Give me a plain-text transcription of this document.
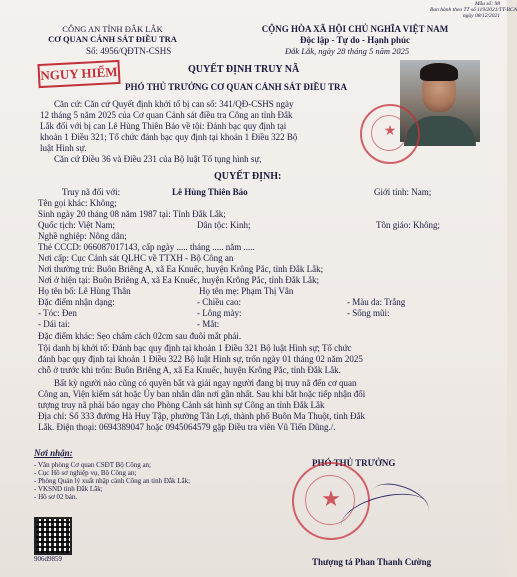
Mẫu số: 98
Ban hành theo TT số 119/2021/TT-BCA
ngày 08/12/2021
CÔNG AN TỈNH ĐẮK LẮK
CƠ QUAN CẢNH SÁT ĐIỀU TRA
Số: 4956/QĐTN-CSHS
CỘNG HÒA XÃ HỘI CHỦ NGHĨA VIỆT NAM
Độc lập - Tự do - Hạnh phúc
Đắk Lắk, ngày 28 tháng 5 năm 2025
NGUY HIỂM	QUYẾT ĐỊNH TRUY NÃ
PHÓ THỦ TRƯỞNG CƠ QUAN CẢNH SÁT ĐIỀU TRA
★
Căn cứ: Căn cứ Quyết định khởi tố bị can số: 341/QĐ-CSHS ngày
12 tháng 5 năm 2025 của Cơ quan Cảnh sát điều tra Công an tỉnh Đắk
Lắk đối với bị can Lê Hùng Thiên Bảo về tội: Đánh bạc quy định tại
khoản 1 Điều 321; Tổ chức đánh bạc quy định tại khoản 1 Điều 322 Bộ
luật Hình sự.
Căn cứ Điều 36 và Điều 231 của Bộ luật Tố tụng hình sự,
QUYẾT ĐỊNH:
Truy nã đối với:	Lê Hùng Thiên Bảo	Giới tính: Nam;
Tên gọi khác: Không;
Sinh ngày 20 tháng 08 năm 1987 tại: Tỉnh Đắk Lắk;
Quốc tịch: Việt Nam;	Dân tộc: Kinh;	Tôn giáo: Không;
Nghề nghiệp: Nông dân;
Thẻ CCCD: 066087017143, cấp ngày ..... tháng ..... năm .....
Nơi cấp: Cục Cảnh sát QLHC về TTXH - Bộ Công an
Nơi thường trú: Buôn Briêng A, xã Ea Knuếc, huyện Krông Pắc, tỉnh Đắk Lắk;
Nơi ở hiện tại: Buôn Briêng A, xã Ea Knuếc, huyện Krông Pắc, tỉnh Đắk Lắk;
Họ tên bố: Lê Hùng Thân	Họ tên mẹ: Phạm Thị Vân
Đặc điểm nhận dạng:	- Chiều cao:	- Màu da: Trắng
- Tóc: Đen	- Lông mày:	- Sống mũi:
- Dái tai:	- Mắt:
Đặc điểm khác: Sẹo chấm cách 02cm sau đuôi mắt phải.
Tội danh bị khởi tố: Đánh bạc quy định tại khoản 1 Điều 321 Bộ luật Hình sự; Tổ chức
đánh bạc quy định tại khoản 1 Điều 322 Bộ luật Hình sự, trốn ngày 01 tháng 02 năm 2025
chỗ ở trước khi trốn: Buôn Briêng A, xã Ea Knuếc, huyện Krông Pắc, tỉnh Đắk Lắk.
Bất kỳ người nào cũng có quyền bắt và giải ngay người đang bị truy nã đến cơ quan
Công an, Viện kiểm sát hoặc Ủy ban nhân dân nơi gần nhất. Sau khi bắt hoặc tiếp nhận đối
tượng truy nã phải báo ngay cho Phòng Cảnh sát hình sự Công an tỉnh Đắk Lắk
Địa chỉ: Số 333 đường Hà Huy Tập, phường Tân Lợi, thành phố Buôn Ma Thuột, tỉnh Đắk
Lắk. Điện thoại: 0694389047 hoặc 0945064579 gặp Điều tra viên Vũ Tiến Dũng./.
Nơi nhận:
- Văn phòng Cơ quan CSĐT Bộ Công an;
- Cục Hồ sơ nghiệp vụ, Bộ Công an;
- Phòng Quản lý xuất nhập cảnh Công an tỉnh Đắk Lắk;
- VKSND tỉnh Đắk Lắk;
- Hồ sơ 02 bản.
906d9859
PHÓ THỦ TRƯỞNG
★
Thượng tá Phan Thanh Cường
